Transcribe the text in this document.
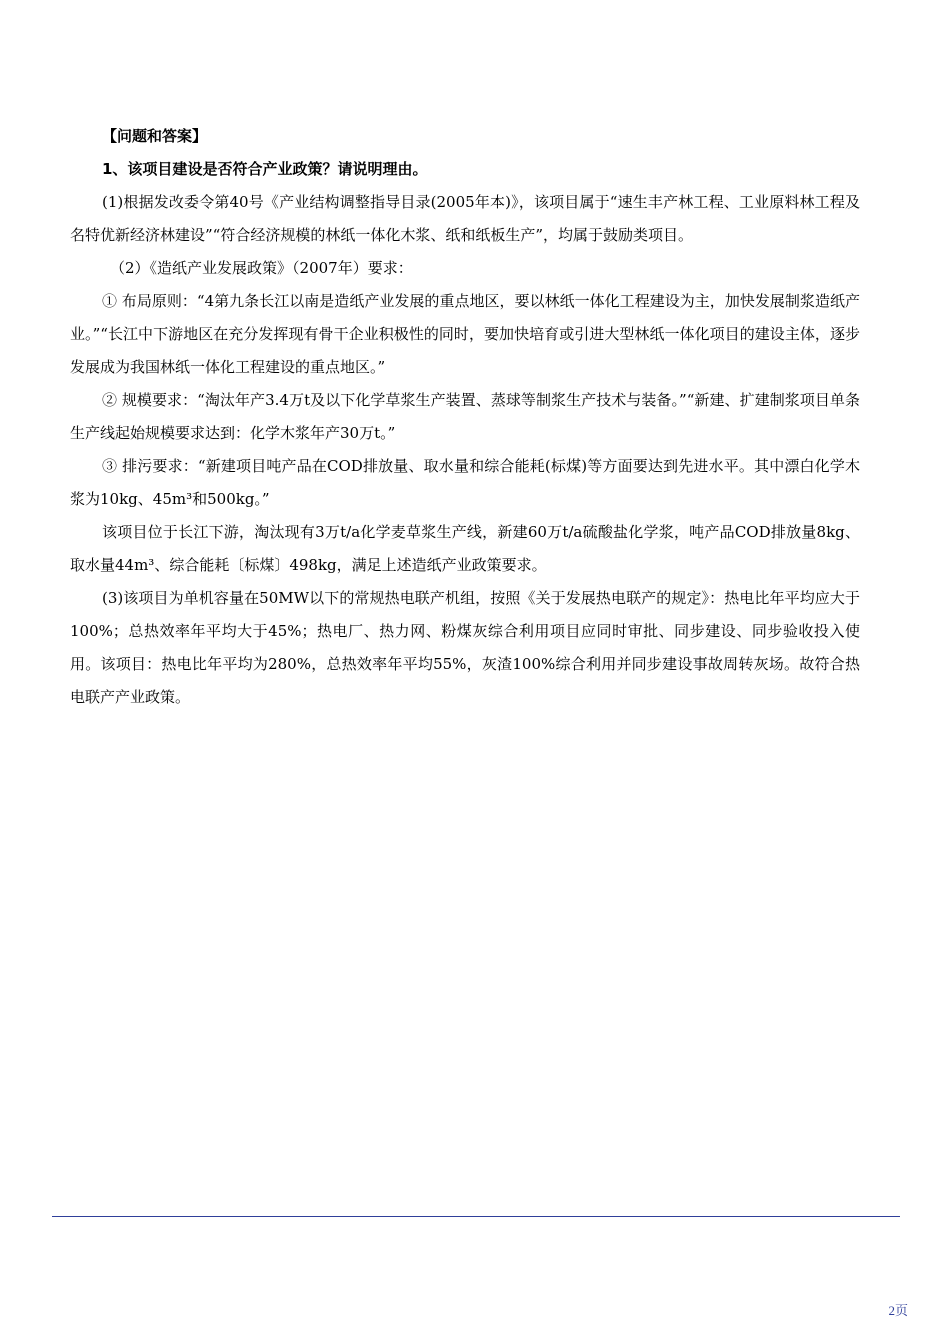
【问题和答案】

1、该项目建设是否符合产业政策？请说明理由。

(1)根据发改委令第40号《产业结构调整指导目录(2005年本)》，该项目属于“速生丰产林工程、工业原料林工程及名特优新经济林建设”“符合经济规模的林纸一体化木浆、纸和纸板生产”，均属于鼓励类项目。

（2）《造纸产业发展政策》（2007年）要求：

① 布局原则：“4第九条长江以南是造纸产业发展的重点地区，要以林纸一体化工程建设为主，加快发展制浆造纸产业。”“长江中下游地区在充分发挥现有骨干企业积极性的同时，要加快培育或引进大型林纸一体化项目的建设主体，逐步发展成为我国林纸一体化工程建设的重点地区。”

② 规模要求：“淘汰年产3.4万t及以下化学草浆生产装置、蒸球等制浆生产技术与装备。”“新建、扩建制浆项目单条生产线起始规模要求达到：化学木浆年产30万t。”

③ 排污要求：“新建项目吨产品在COD排放量、取水量和综合能耗(标煤)等方面要达到先进水平。其中漂白化学木浆为10kg、45m³和500kg。”

该项目位于长江下游，淘汰现有3万t/a化学麦草浆生产线，新建60万t/a硫酸盐化学浆，吨产品COD排放量8kg、取水量44m³、综合能耗〔标煤〕498kg，满足上述造纸产业政策要求。

(3)该项目为单机容量在50MW以下的常规热电联产机组，按照《关于发展热电联产的规定》：热电比年平均应大于100%；总热效率年平均大于45%；热电厂、热力网、粉煤灰综合利用项目应同时审批、同步建设、同步验收投入使用。该项目：热电比年平均为280%，总热效率年平均55%，灰渣100%综合利用并同步建设事故周转灰场。故符合热电联产产业政策。

2页
